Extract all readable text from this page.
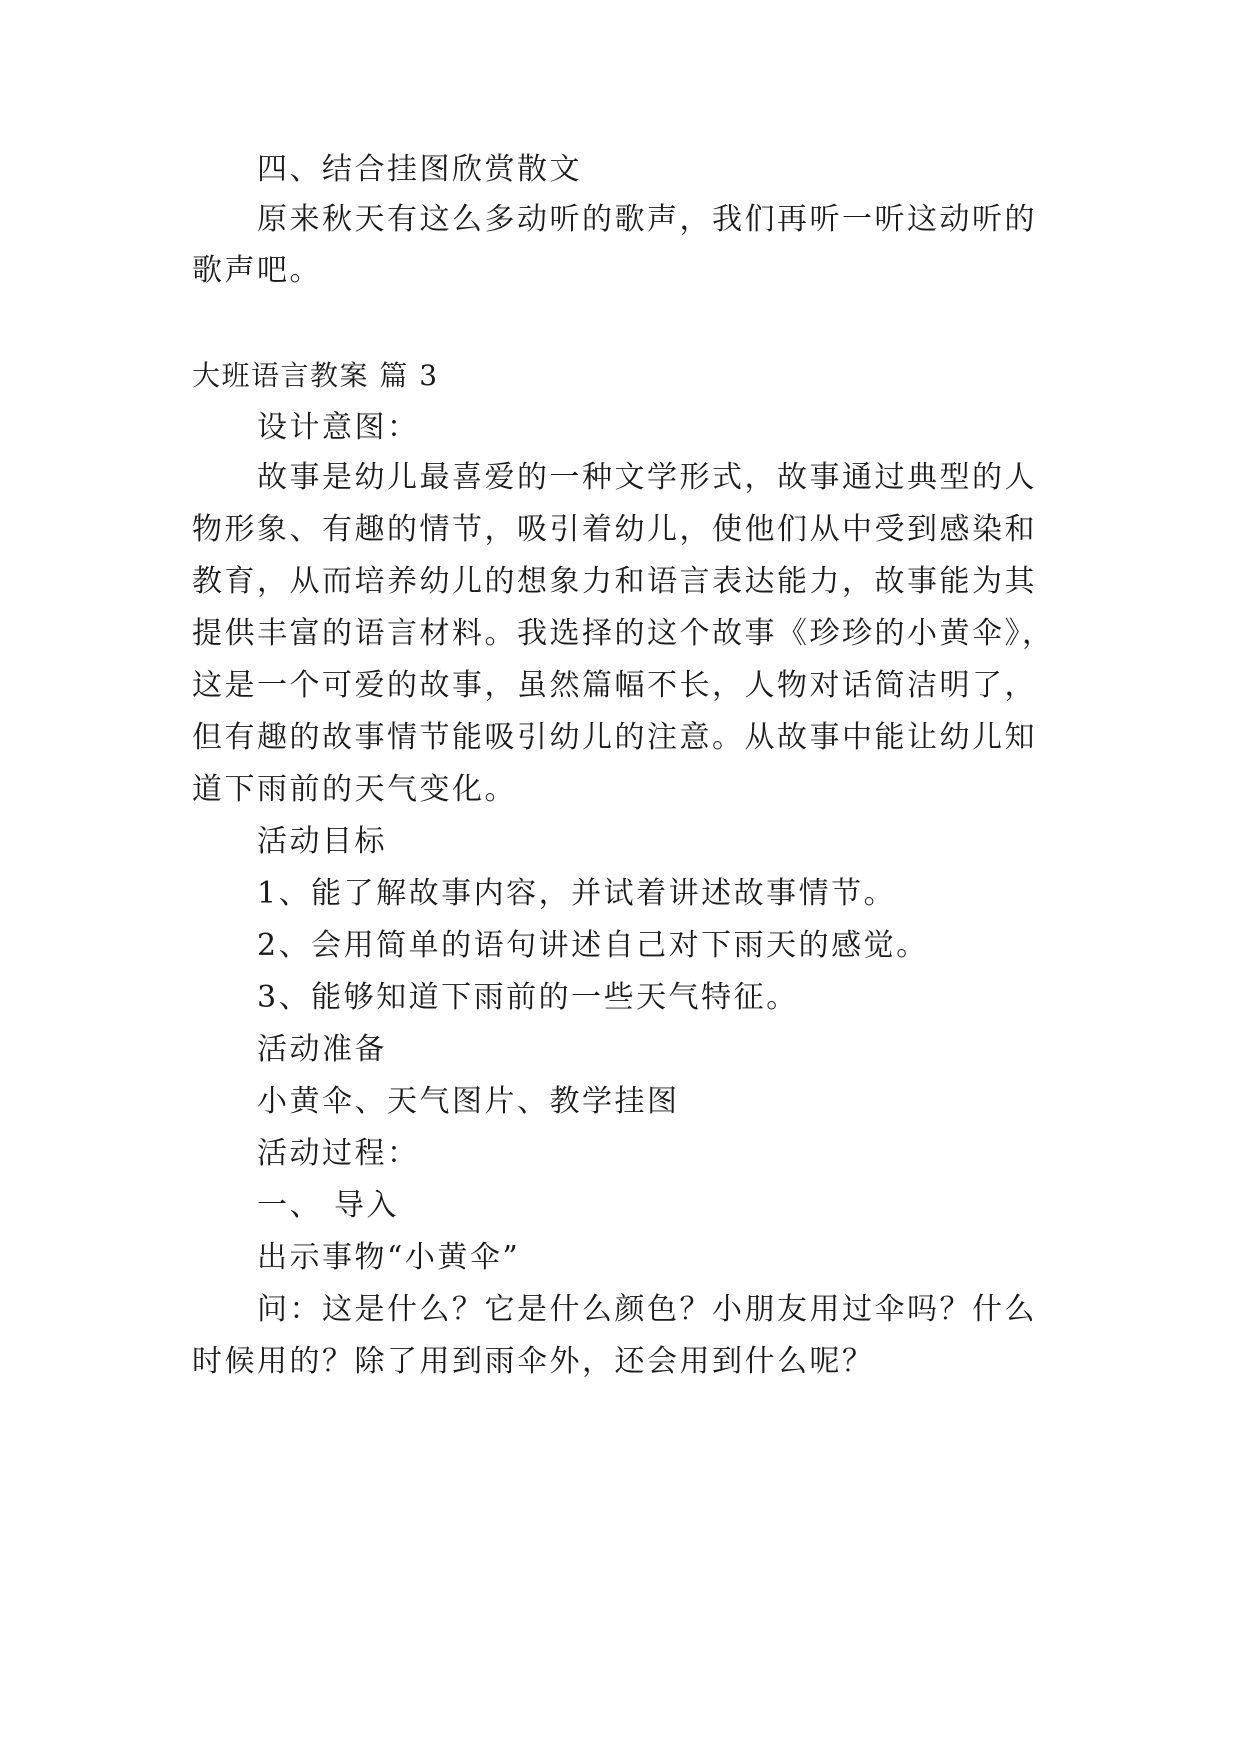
四、结合挂图欣赏散文
原来秋天有这么多动听的歌声，我们再听一听这动听的
歌声吧。
大班语言教案 篇 3
设计意图：
故事是幼儿最喜爱的一种文学形式，故事通过典型的人
物形象、有趣的情节，吸引着幼儿，使他们从中受到感染和
教育，从而培养幼儿的想象力和语言表达能力，故事能为其
提供丰富的语言材料。我选择的这个故事《珍珍的小黄伞》，
这是一个可爱的故事，虽然篇幅不长，人物对话简洁明了，
但有趣的故事情节能吸引幼儿的注意。从故事中能让幼儿知
道下雨前的天气变化。
活动目标
1、能了解故事内容，并试着讲述故事情节。
2、会用简单的语句讲述自己对下雨天的感觉。
3、能够知道下雨前的一些天气特征。
活动准备
小黄伞、天气图片、教学挂图
活动过程：
一、 导入
出示事物“小黄伞”
问：这是什么？它是什么颜色？小朋友用过伞吗？什么
时候用的？除了用到雨伞外，还会用到什么呢？
